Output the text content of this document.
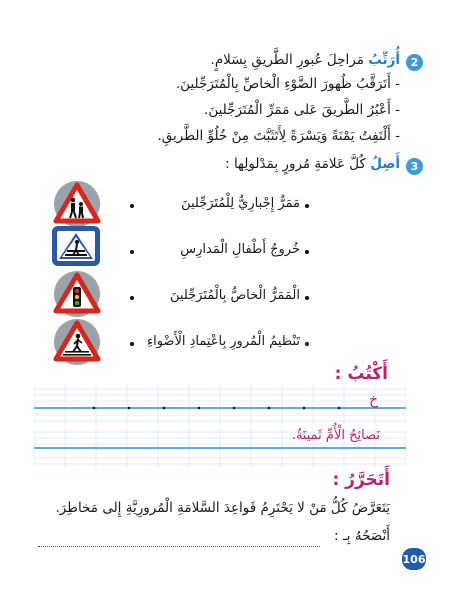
2
أُرَتِّبُ مَراحِلَ عُبورِ الطَّريقِ بِسَلامٍ.
- أَتَرَقَّبُ ظُهورَ الضَّوْءِ الْخاصِّ بِالْمُتَرَجِّلينَ.
- أَعْبُرُ الطَّريقَ عَلى مَمَرِّ الْمُتَرَجِّلينَ.
- أَلْتَفِتُ يَمْنَةً وَيَسْرَةً لِأَتَثَبَّتَ مِنْ خُلُوِّ الطَّريقِ.
3
أَصِلُ كُلَّ عَلامَةِ مُرورٍ بِمَدْلولِها :
مَمَرٌّ إِجْبارِيٌّ لِلْمُتَرَجِّلينَ
خُروجُ أَطْفالِ الْمَدارِسِ
الْمَمَرُّ الْخاصُّ بِالْمُتَرَجِّلينَ
تَنْظيمُ الْمُرورِ بِاعْتِمادِ الْأَضْواءِ
أَكْتُبُ :
خ
نَصائِحُ الْأُمِّ ثَمينَةٌ.
أَتَحَرَّرُ :
يَتَعَرَّضُ كُلُّ مَنْ لا يَحْتَرِمُ قَواعِدَ السَّلامَةِ الْمُرورِيَّةِ إِلى مَخاطِرَ.
أَنْصَحُهُ بِـ :
106
